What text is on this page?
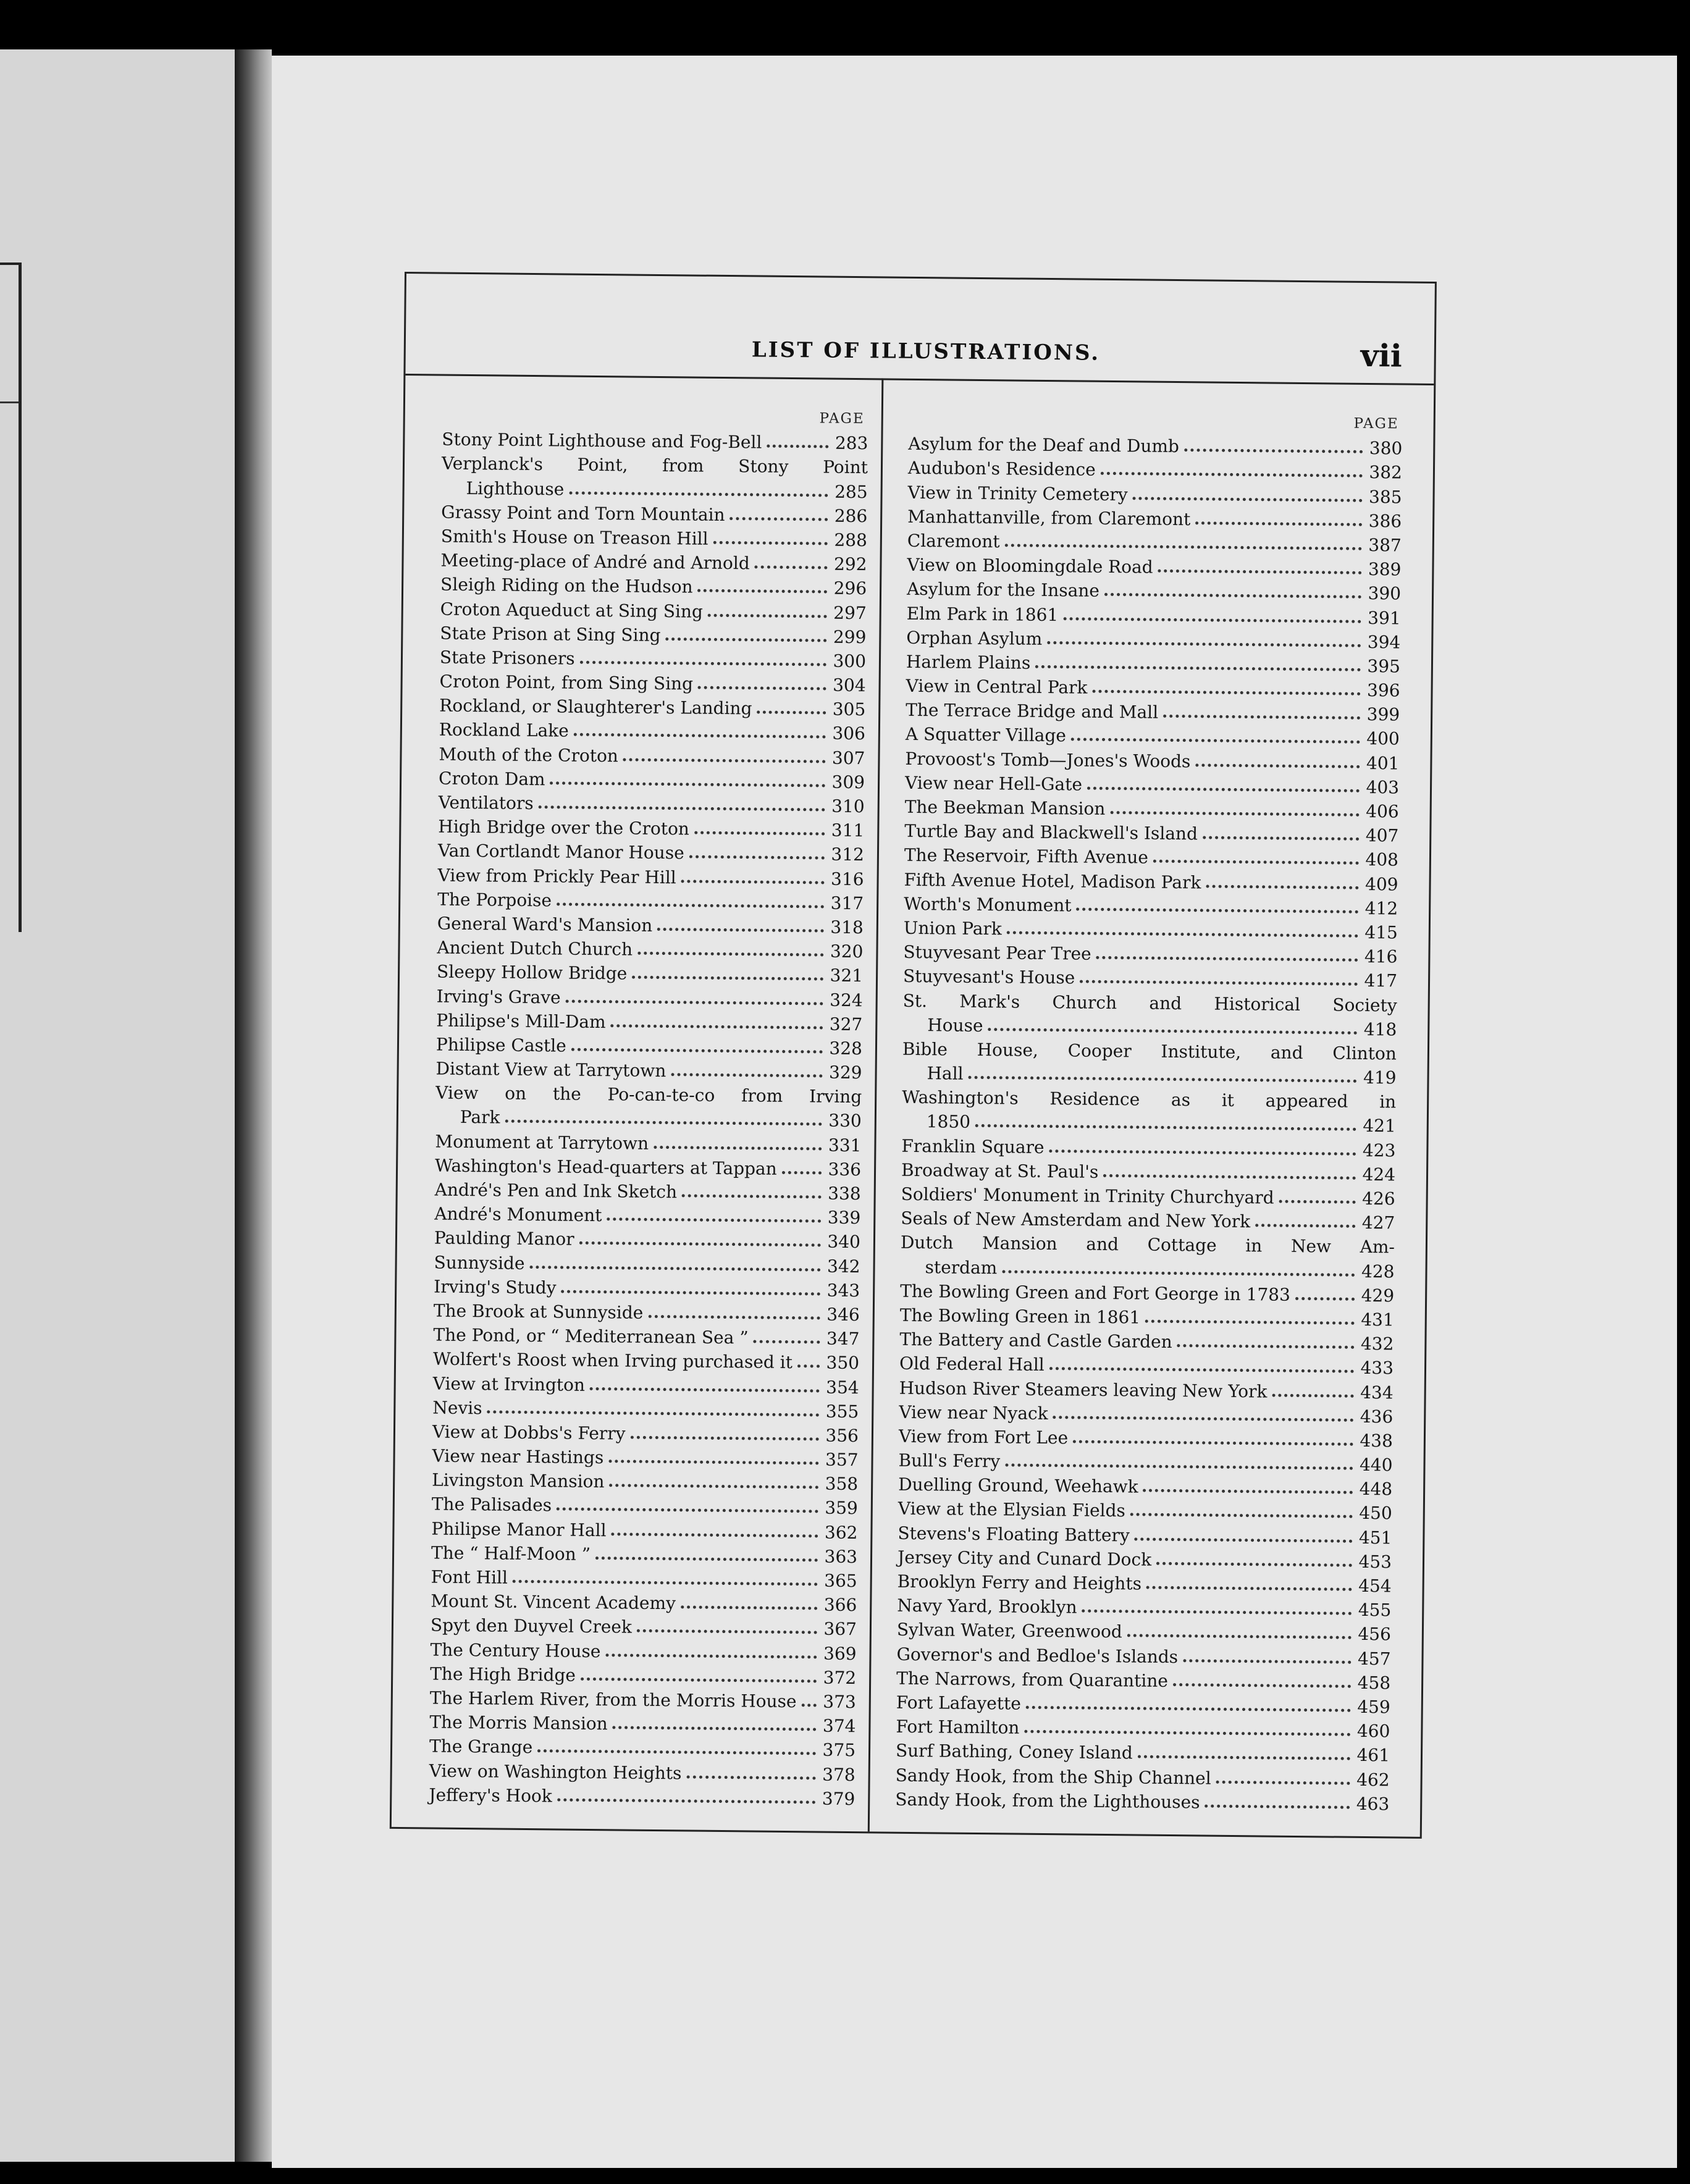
LIST OF ILLUSTRATIONS.	vii
PAGE
Stony Point Lighthouse and Fog-Bell	283
Verplanck's Point, from Stony Point
Lighthouse	285
Grassy Point and Torn Mountain	286
Smith's House on Treason Hill	288
Meeting-place of André and Arnold	292
Sleigh Riding on the Hudson	296
Croton Aqueduct at Sing Sing	297
State Prison at Sing Sing	299
State Prisoners	300
Croton Point, from Sing Sing	304
Rockland, or Slaughterer's Landing	305
Rockland Lake	306
Mouth of the Croton	307
Croton Dam	309
Ventilators	310
High Bridge over the Croton	311
Van Cortlandt Manor House	312
View from Prickly Pear Hill	316
The Porpoise	317
General Ward's Mansion	318
Ancient Dutch Church	320
Sleepy Hollow Bridge	321
Irving's Grave	324
Philipse's Mill-Dam	327
Philipse Castle	328
Distant View at Tarrytown	329
View on the Po-can-te-co from Irving
Park	330
Monument at Tarrytown	331
Washington's Head-quarters at Tappan	336
André's Pen and Ink Sketch	338
André's Monument	339
Paulding Manor	340
Sunnyside	342
Irving's Study	343
The Brook at Sunnyside	346
The Pond, or “ Mediterranean Sea ”	347
Wolfert's Roost when Irving purchased it 350
View at Irvington	354
Nevis	355
View at Dobbs's Ferry	356
View near Hastings	357
Livingston Mansion	358
The Palisades	359
Philipse Manor Hall	362
The “ Half-Moon ”	363
Font Hill	365
Mount St. Vincent Academy	366
Spyt den Duyvel Creek	367
The Century House	369
The High Bridge	372
The Harlem River, from the Morris House 373
The Morris Mansion	374
The Grange	375
View on Washington Heights	378
Jeffery's Hook	379
PAGE
Asylum for the Deaf and Dumb	380
Audubon's Residence	382
View in Trinity Cemetery	385
Manhattanville, from Claremont	386
Claremont	387
View on Bloomingdale Road	389
Asylum for the Insane	390
Elm Park in 1861	391
Orphan Asylum	394
Harlem Plains	395
View in Central Park	396
The Terrace Bridge and Mall	399
A Squatter Village	400
Provoost's Tomb—Jones's Woods	401
View near Hell-Gate	403
The Beekman Mansion	406
Turtle Bay and Blackwell's Island	407
The Reservoir, Fifth Avenue	408
Fifth Avenue Hotel, Madison Park	409
Worth's Monument	412
Union Park	415
Stuyvesant Pear Tree	416
Stuyvesant's House	417
St. Mark's Church and Historical Society
House	418
Bible House, Cooper Institute, and Clinton
Hall	419
Washington's Residence as it appeared in
1850	421
Franklin Square	423
Broadway at St. Paul's	424
Soldiers' Monument in Trinity Churchyard	426
Seals of New Amsterdam and New York	427
Dutch Mansion and Cottage in New Am-
sterdam	428
The Bowling Green and Fort George in 1783	429
The Bowling Green in 1861	431
The Battery and Castle Garden	432
Old Federal Hall	433
Hudson River Steamers leaving New York	434
View near Nyack	436
View from Fort Lee	438
Bull's Ferry	440
Duelling Ground, Weehawk	448
View at the Elysian Fields	450
Stevens's Floating Battery	451
Jersey City and Cunard Dock	453
Brooklyn Ferry and Heights	454
Navy Yard, Brooklyn	455
Sylvan Water, Greenwood	456
Governor's and Bedloe's Islands	457
The Narrows, from Quarantine	458
Fort Lafayette	459
Fort Hamilton	460
Surf Bathing, Coney Island	461
Sandy Hook, from the Ship Channel	462
Sandy Hook, from the Lighthouses	463
